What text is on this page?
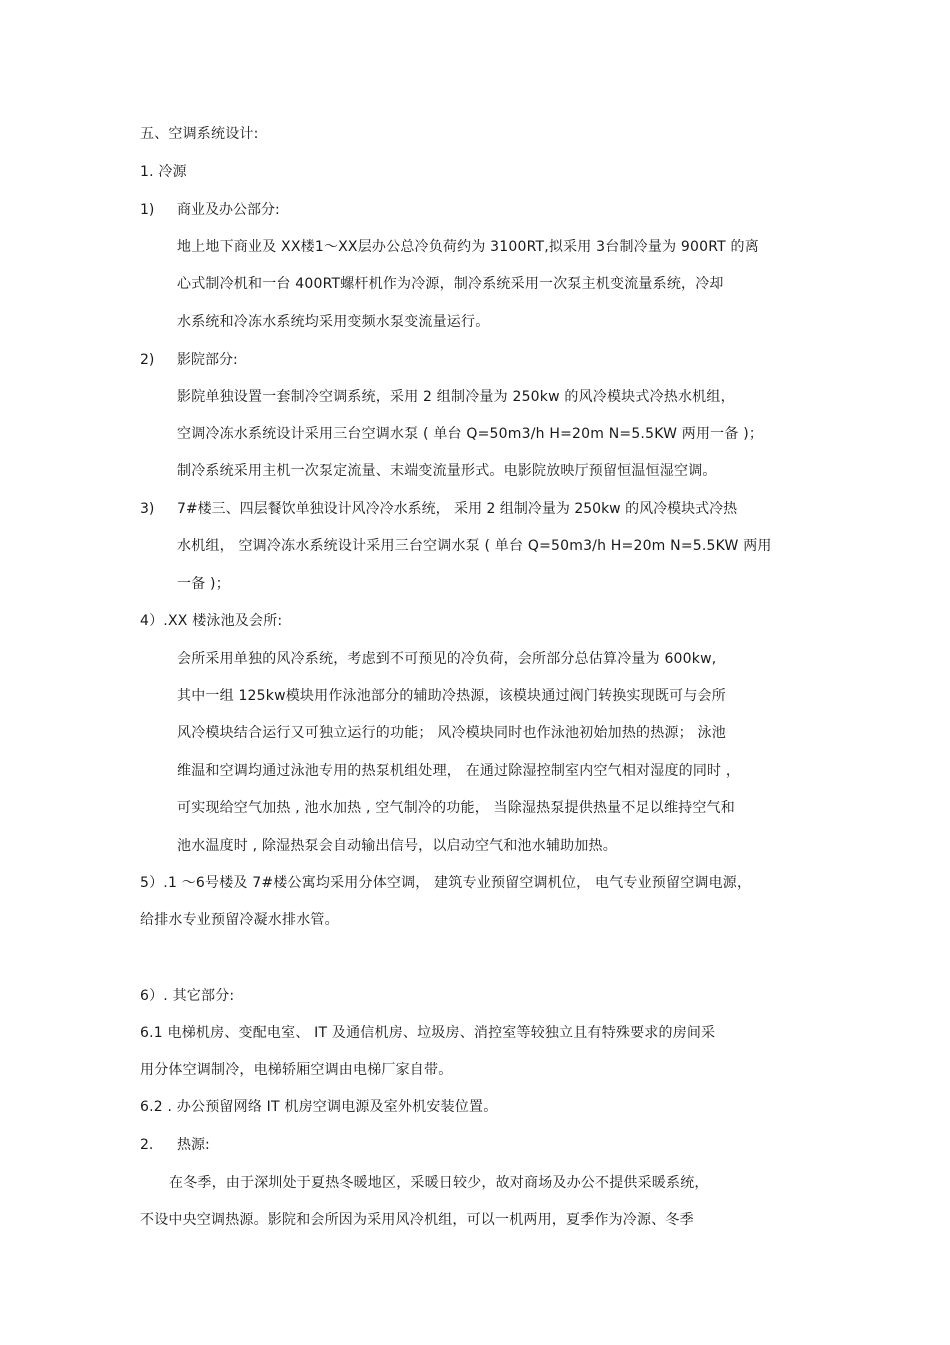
五、空调系统设计:
1. 冷源
1) 商业及办公部分:
地上地下商业及 XX楼1～XX层办公总冷负荷约为 3100RT,拟采用 3台制冷量为 900RT 的离
心式制冷机和一台 400RT螺杆机作为冷源，制冷系统采用一次泵主机变流量系统，冷却
水系统和冷冻水系统均采用变频水泵变流量运行。
2) 影院部分:
影院单独设置一套制冷空调系统，采用 2 组制冷量为 250kw 的风冷模块式冷热水机组，
空调冷冻水系统设计采用三台空调水泵 ( 单台 Q=50m3/h H=20m N=5.5KW 两用一备 )；
制冷系统采用主机一次泵定流量、末端变流量形式。电影院放映厅预留恒温恒湿空调。
3) 7#楼三、四层餐饮单独设计风冷冷水系统， 采用 2 组制冷量为 250kw 的风冷模块式冷热
水机组， 空调冷冻水系统设计采用三台空调水泵 ( 单台 Q=50m3/h H=20m N=5.5KW 两用
一备 )；
4）.XX 楼泳池及会所:
会所采用单独的风冷系统，考虑到不可预见的冷负荷，会所部分总估算冷量为 600kw,
其中一组 125kw模块用作泳池部分的辅助冷热源，该模块通过阀门转换实现既可与会所
风冷模块结合运行又可独立运行的功能； 风冷模块同时也作泳池初始加热的热源； 泳池
维温和空调均通过泳池专用的热泵机组处理， 在通过除湿控制室内空气相对湿度的同时 ，
可实现给空气加热 , 池水加热 , 空气制冷的功能， 当除湿热泵提供热量不足以维持空气和
池水温度时 , 除湿热泵会自动输出信号，以启动空气和池水辅助加热。
5）.1 ～6号楼及 7#楼公寓均采用分体空调， 建筑专业预留空调机位， 电气专业预留空调电源，
给排水专业预留冷凝水排水管。
6）. 其它部分:
6.1 电梯机房、变配电室、 IT 及通信机房、垃圾房、消控室等较独立且有特殊要求的房间采
用分体空调制冷，电梯轿厢空调由电梯厂家自带。
6.2 . 办公预留网络 IT 机房空调电源及室外机安装位置。
2. 热源:
在冬季，由于深圳处于夏热冬暖地区，采暖日较少，故对商场及办公不提供采暖系统，
不设中央空调热源。影院和会所因为采用风冷机组，可以一机两用，夏季作为冷源、冬季
